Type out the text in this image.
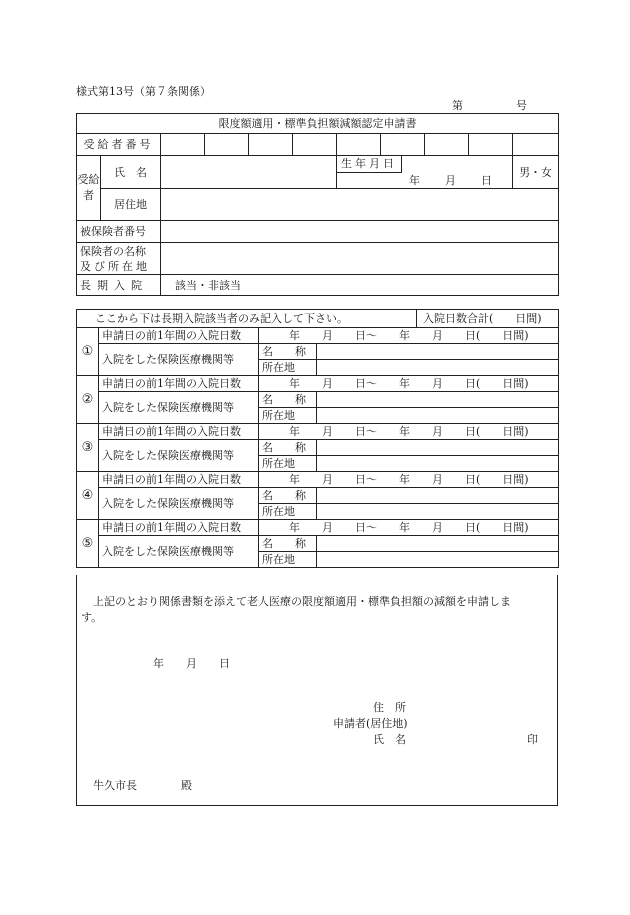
様式第13号（第７条関係）
第	号
限度額適用・標準負担額減額認定申請書										
受給者番号										
受給者	氏　名					生年月日
年 月 日				男・女
	居住地									
被保険者番号										

保険者の名称
及び所在地										

長期入院		該当・非該当								
ここから下は長期入院該当者のみ記入して下さい。 入院日数合計(　　日間)			

①	申請日の前1年間の入院日数	年　　月　　日～　　年　　月　　日(　　日間)	
	入院をした保険医療機関等	名　　称	
		所在地	
②	申請日の前1年間の入院日数	年　　月　　日～　　年　　月　　日(　　日間)	
	入院をした保険医療機関等	名　　称	
		所在地	
③	申請日の前1年間の入院日数	年　　月　　日～　　年　　月　　日(　　日間)	
	入院をした保険医療機関等	名　　称	
		所在地	
④	申請日の前1年間の入院日数	年　　月　　日～　　年　　月　　日(　　日間)	
	入院をした保険医療機関等	名　　称	
		所在地	
⑤	申請日の前1年間の入院日数	年　　月　　日～　　年　　月　　日(　　日間)	
	入院をした保険医療機関等	名　　称	
		所在地	
上記のとおり関係書類を添えて老人医療の限度額適用・標準負担額の減額を申請しま
す。
年　　月　　日
住　所
申請者(居住地)
氏　名	印
牛久市長　　　　殿
